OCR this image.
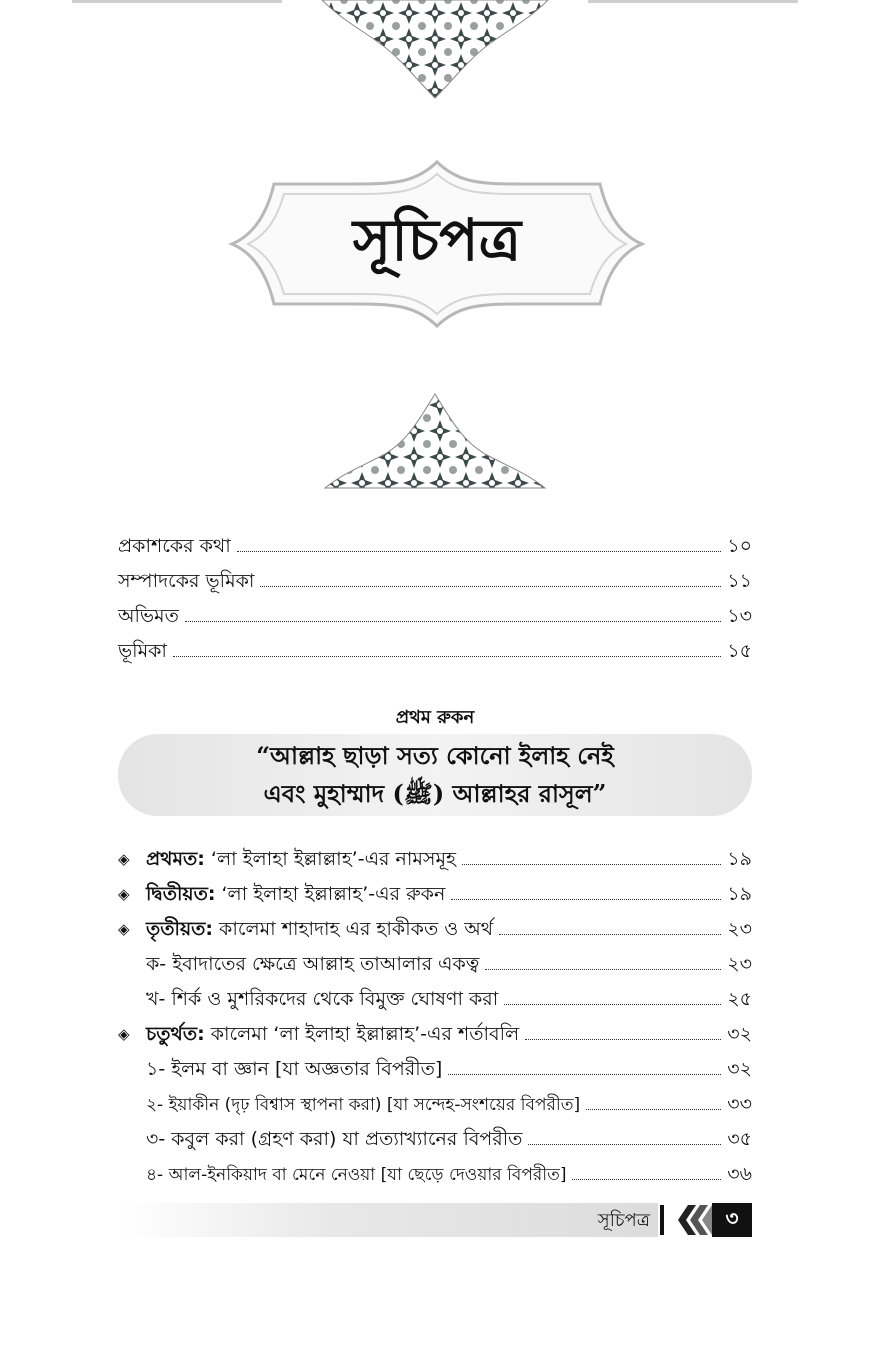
সূচিপত্র
প্রকাশকের কথা	১০
সম্পাদকের ভূমিকা	১১
অভিমত	১৩
ভূমিকা	১৫
প্রথম রুকন
“আল্লাহ ছাড়া সত্য কোনো ইলাহ নেই
এবং মুহাম্মাদ (ﷺ) আল্লাহর রাসূল”
◈ প্রথমত: ‘লা ইলাহা ইল্লাল্লাহ’-এর নামসমূহ	১৯
◈ দ্বিতীয়ত: ‘লা ইলাহা ইল্লাল্লাহ’-এর রুকন	১৯
◈ তৃতীয়ত: কালেমা শাহাদাহ এর হাকীকত ও অর্থ	২৩
ক- ইবাদাতের ক্ষেত্রে আল্লাহ তাআলার একত্ব	২৩
খ- শির্ক ও মুশরিকদের থেকে বিমুক্ত ঘোষণা করা	২৫
◈ চতুর্থত: কালেমা ‘লা ইলাহা ইল্লাল্লাহ’-এর শর্তাবলি	৩২
১- ইলম বা জ্ঞান [যা অজ্ঞতার বিপরীত]	৩২
২- ইয়াকীন (দৃঢ় বিশ্বাস স্থাপনা করা) [যা সন্দেহ-সংশয়ের বিপরীত]	৩৩
৩- কবুল করা (গ্রহণ করা) যা প্রত্যাখ্যানের বিপরীত	৩৫
৪- আল-ইনকিয়াদ বা মেনে নেওয়া [যা ছেড়ে দেওয়ার বিপরীত]	৩৬
সূচিপত্র	৩
